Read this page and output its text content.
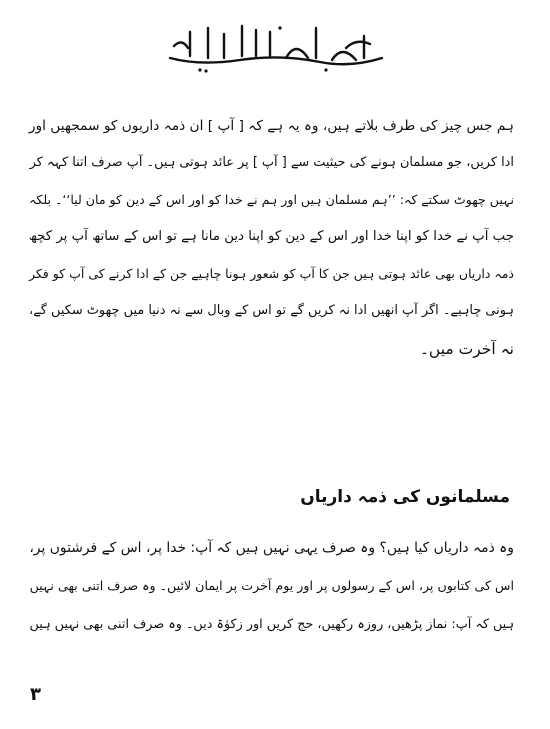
ہم جس چیز کی طرف بلاتے ہیں، وہ یہ ہے کہ [ آپ ] ان ذمہ داریوں کو سمجھیں اور
ادا کریں، جو مسلمان ہونے کی حیثیت سے [ آپ ] پر عائد ہوتی ہیں۔ آپ صرف اتنا کہہ کر
نہیں چھوٹ سکتے کہ: ’’ہم مسلمان ہیں اور ہم نے خدا کو اور اس کے دین کو مان لیا‘‘۔ بلکہ
جب آپ نے خدا کو اپنا خدا اور اس کے دین کو اپنا دین مانا ہے تو اس کے ساتھ آپ پر کچھ
ذمہ داریاں بھی عائد ہوتی ہیں جن کا آپ کو شعور ہونا چاہیے جن کے ادا کرنے کی آپ کو فکر
ہونی چاہیے۔ اگر آپ انھیں ادا نہ کریں گے تو اس کے وبال سے نہ دنیا میں چھوٹ سکیں گے،
نہ آخرت میں۔
مسلمانوں کی ذمہ داریاں
وہ ذمہ داریاں کیا ہیں؟ وہ صرف یہی نہیں ہیں کہ آپ: خدا پر، اس کے فرشتوں پر،
اس کی کتابوں پر، اس کے رسولوں پر اور یوم آخرت پر ایمان لائیں۔ وہ صرف اتنی بھی نہیں
ہیں کہ آپ: نماز پڑھیں، روزہ رکھیں، حج کریں اور زکوٰۃ دیں۔ وہ صرف اتنی بھی نہیں ہیں
۳
